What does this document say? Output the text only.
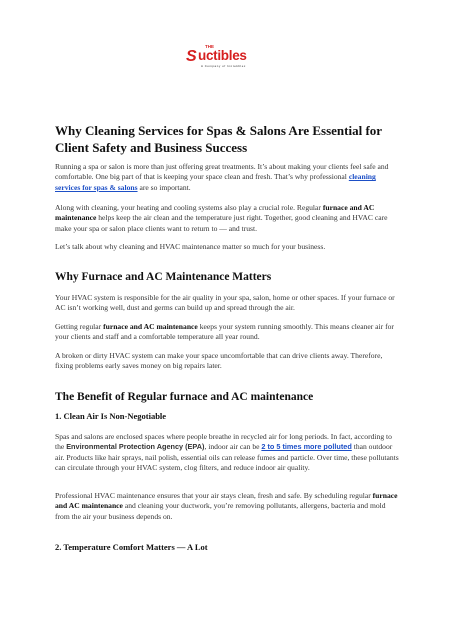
THE
S uctibles
A Company of Inntekblex
Why Cleaning Services for Spas & Salons Are Essential for Client Safety and Business Success

Running a spa or salon is more than just offering great treatments. It’s about making your clients feel safe and comfortable. One big part of that is keeping your space clean and fresh. That’s why professional cleaning services for spas & salons are so important.

Along with cleaning, your heating and cooling systems also play a crucial role. Regular furnace and AC maintenance helps keep the air clean and the temperature just right. Together, good cleaning and HVAC care make your spa or salon place clients want to return to — and trust.

Let’s talk about why cleaning and HVAC maintenance matter so much for your business.

Why Furnace and AC Maintenance Matters

Your HVAC system is responsible for the air quality in your spa, salon, home or other spaces. If your furnace or AC isn’t working well, dust and germs can build up and spread through the air.

Getting regular furnace and AC maintenance keeps your system running smoothly. This means cleaner air for your clients and staff and a comfortable temperature all year round.

A broken or dirty HVAC system can make your space uncomfortable that can drive clients away. Therefore, fixing problems early saves money on big repairs later.

The Benefit of Regular furnace and AC maintenance
1. Clean Air Is Non-Negotiable

Spas and salons are enclosed spaces where people breathe in recycled air for long periods. In fact, according to the Environmental Protection Agency (EPA), indoor air can be 2 to 5 times more polluted than outdoor air. Products like hair sprays, nail polish, essential oils can release fumes and particle. Over time, these pollutants can circulate through your HVAC system, clog filters, and reduce indoor air quality.

Professional HVAC maintenance ensures that your air stays clean, fresh and safe. By scheduling regular furnace and AC maintenance and cleaning your ductwork, you’re removing pollutants, allergens, bacteria and mold from the air your business depends on.

2. Temperature Comfort Matters — A Lot
